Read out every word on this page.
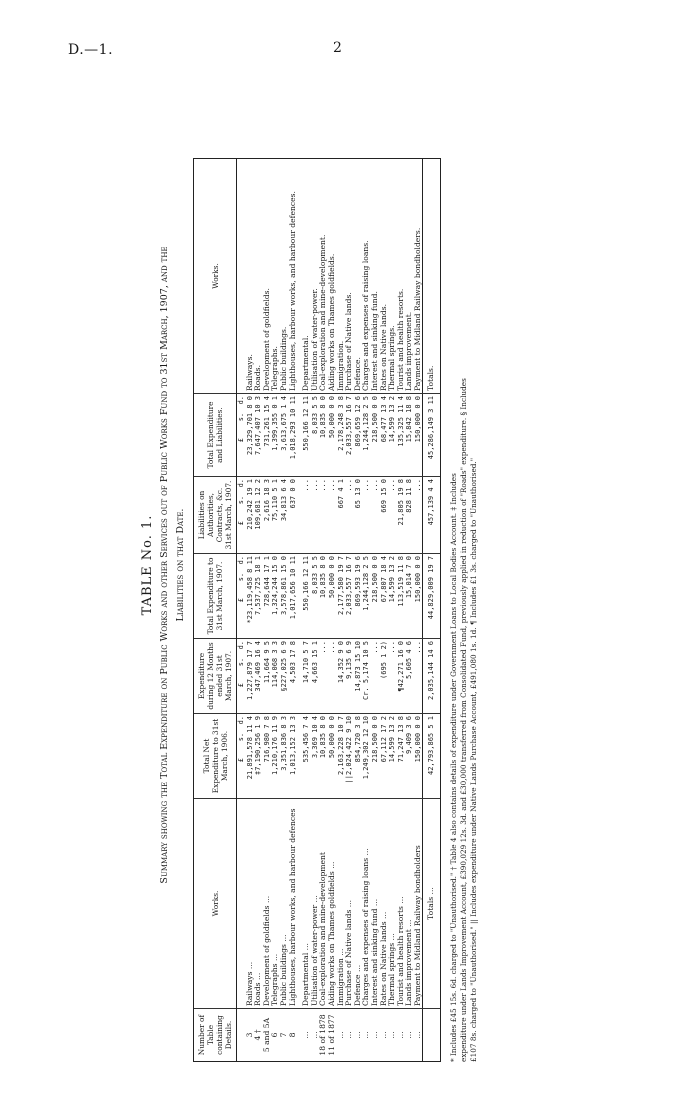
D.—1.	2
TABLE No. 1. Summary showing the Total Expenditure on Public Works and other Services out of Public Works Fund to 31st March, 1907, and the Liabilities on that Date.
Number of Table containing Details.	Works.	Total Net Expenditure to 31st March, 1906.	Expenditure during 12 Months ended 31st March, 1907.	Total Expenditure to 31st March, 1907.	Liabilities on Authorities, Contracts, &c. 31st March, 1907.	Total Expenditure and Liabilities.	Works.
		£    s.  d.	£    s.  d.	£    s.  d.	£    s.  d.	£    s.  d.	
3	Railways ...	21,891,578 11 4	1,227,879 17 7	*23,119,458 8 11	210,242 19 1	23,329,701 8 0	Railways.
4 †	Roads ...	‡7,190,256 1 9	347,469 16 4	7,537,725 18 1	109,681 12 2	7,647,407 10 3	Roads.
5 and 5A	Development of goldfields ...	716,980 7 8	11,664 9 5	728,644 17 1	2,616 18 3	731,261 15 4	Development of goldfields.
6	Telegraphs ...	1,210,176 11 9	114,068 3 3	1,324,244 15 0	75,110 5 1	1,399,355 0 1	Telegraphs.
7	Public buildings ...	3,351,836 8 3	§227,025 6 9	3,578,861 15 0	34,813 6 4	3,613,675 1 4	Public buildings.
8	Lighthouses, harbour works, and harbour defences	1,013,152 13 3	4,503 17 8	1,017,656 10 11	637 0 0	1,018,293 10 11	Lighthouses, harbour works, and harbour defences.

...	Departmental ...	535,456 7 4	14,710 5 7	550,166 12 11	...	550,166 12 11	Departmental.
...	Utilisation of water-power ...	3,369 10 4	4,663 15 1	8,033 5 5	...	8,033 5 5	Utilisation of water-power.
18 of 1878	Coal-exploration and mine-development	10,835 8 0	...	10,835 8 0	...	10,835 8 0	Coal-exploration and mine-development.
11 of 1877	Aiding works on Thames goldfields ...	50,000 0 0	...	50,000 0 0	...	50,000 0 0	Aiding works on Thames goldfields.
...	Immigration ...	2,163,228 10 7	14,352 9 0	2,177,580 19 7	667 4 1	2,178,248 3 8	Immigration.
...	Purchase of Native lands ...	||2,024,422 9 10	9,135 6 9	2,033,557 16 7	...	2,033,557 16 7	Purchase of Native lands.
...	Defence ...	854,720 3 8	14,873 15 10	869,593 19 6	65 13 0	869,659 12 6	Defence.
...	Charges and expenses of raising loans ...	1,249,302 12 10	Cr. 5,174 10 5	1,244,128 2 5	...	1,244,128 2 5	Charges and expenses of raising loans.
...	Interest and sinking fund ...	218,500 0 0	...	218,500 0 0	...	218,500 0 0	Interest and sinking fund.
...	Rates on Native lands ...	67,112 17 2	(695 1 2)	67,807 18 4	669 15 0	68,477 13 4	Rates on Native lands.
...	Thermal springs ...	14,599 13 2	...	14,599 13 2	...	14,599 13 2	Thermal springs.
...	Tourist and health resorts ...	71,247 13 8	¶42,271 16 0	113,519 11 8	21,805 19 8	135,325 11 4	Tourist and health resorts.
...	Lands improvement ...	9,409 3 6	5,605 4 6	15,014 7 0	828 11 8	15,842 18 8	Lands improvement.
...	Payment to Midland Railway bondholders	150,000 0 0	...	150,000 0 0	...	150,000 0 0	Payment to Midland Railway bondholders.
	Totals ...	42,793,865 5 1	2,035,144 14 6	44,829,009 19 7	457,139 4 4	45,286,149 3 11	Totals.
* Includes £45 15s. 6d. charged to "Unauthorised." † Table 4 also contains details of expenditure under Government Loans to Local Bodies Account. ‡ Includes expenditure under Lands Improvement Account, £390,029 12s. 3d. and £30,000 transferred from Consolidated Fund, previously applied in reduction of "Roads" expenditure. § Includes £107 8s. charged to "Unauthorised." || Includes expenditure under Native Lands Purchase Account, £491,080 1s. 1d. ¶ Includes £1 3s. charged to "Unauthorised."
